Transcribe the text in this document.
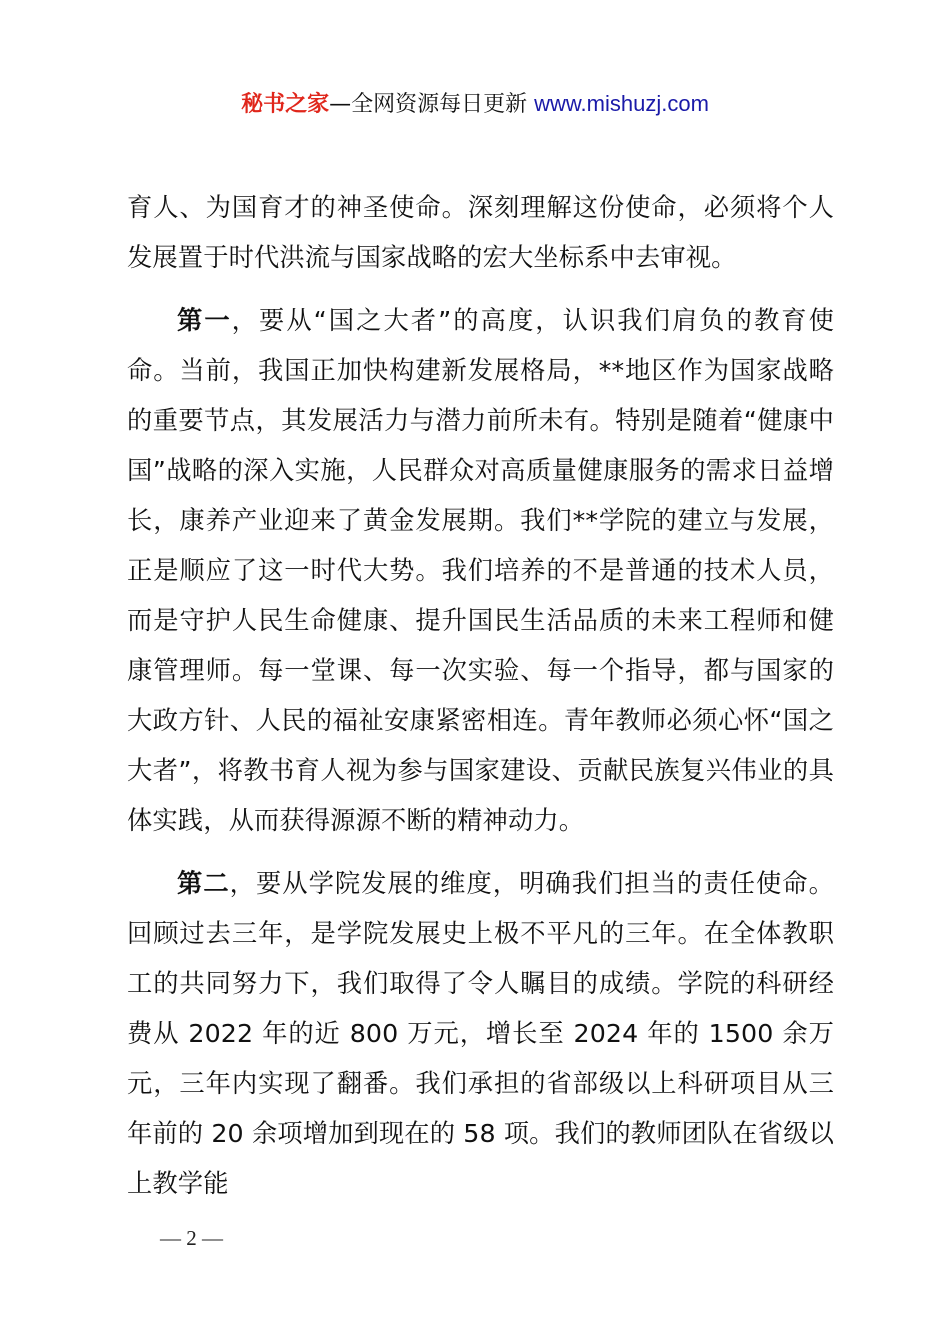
秘书之家—全网资源每日更新 www.mishuzj.com

育人、为国育才的神圣使命。深刻理解这份使命，必须将个人发展置于时代洪流与国家战略的宏大坐标系中去审视。

第一，要从“国之大者”的高度，认识我们肩负的教育使命。当前，我国正加快构建新发展格局，**地区作为国家战略的重要节点，其发展活力与潜力前所未有。特别是随着“健康中国”战略的深入实施，人民群众对高质量健康服务的需求日益增长，康养产业迎来了黄金发展期。我们**学院的建立与发展，正是顺应了这一时代大势。我们培养的不是普通的技术人员，而是守护人民生命健康、提升国民生活品质的未来工程师和健康管理师。每一堂课、每一次实验、每一个指导，都与国家的大政方针、人民的福祉安康紧密相连。青年教师必须心怀“国之大者”，将教书育人视为参与国家建设、贡献民族复兴伟业的具体实践，从而获得源源不断的精神动力。

第二，要从学院发展的维度，明确我们担当的责任使命。回顾过去三年，是学院发展史上极不平凡的三年。在全体教职工的共同努力下，我们取得了令人瞩目的成绩。学院的科研经费从 2022 年的近 800 万元，增长至 2024 年的 1500 余万元，三年内实现了翻番。我们承担的省部级以上科研项目从三年前的 20 余项增加到现在的 58 项。我们的教师团队在省级以上教学能

— 2 —
